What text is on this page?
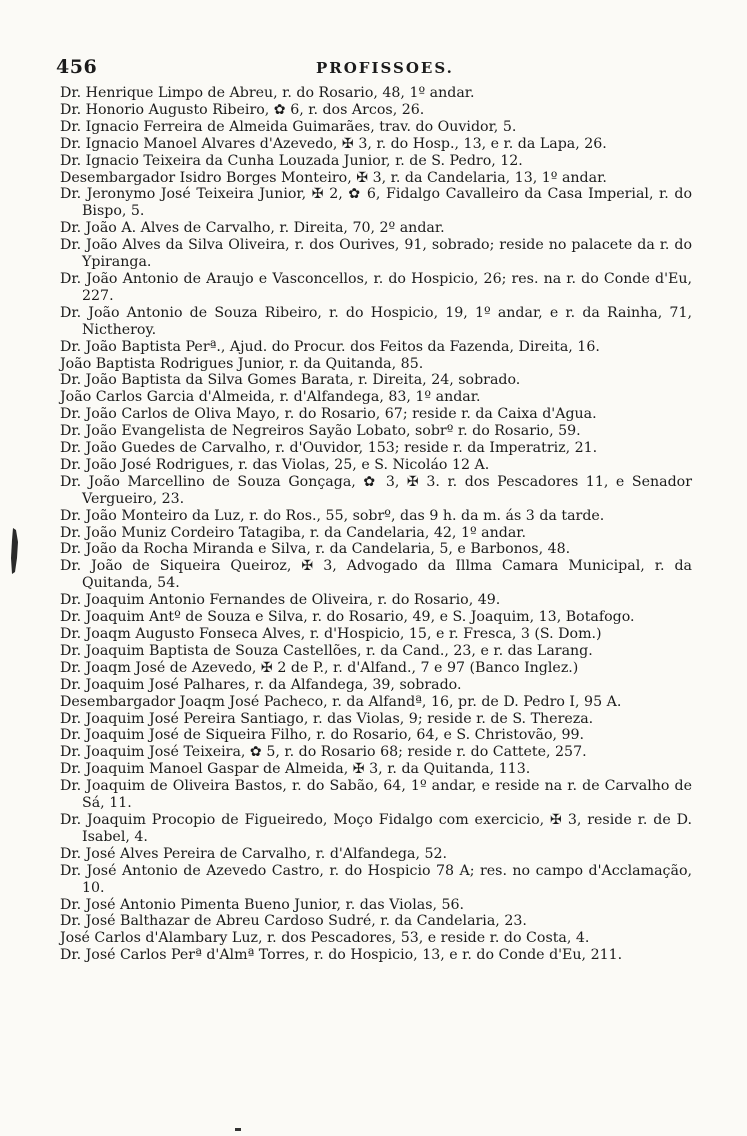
456	PROFISSOES.

Dr. Henrique Limpo de Abreu, r. do Rosario, 48, 1º andar.

Dr. Honorio Augusto Ribeiro, ✿ 6, r. dos Arcos, 26.

Dr. Ignacio Ferreira de Almeida Guimarães, trav. do Ouvidor, 5.

Dr. Ignacio Manoel Alvares d'Azevedo, ✠ 3, r. do Hosp., 13, e r. da Lapa, 26.

Dr. Ignacio Teixeira da Cunha Louzada Junior, r. de S. Pedro, 12.

Desembargador Isidro Borges Monteiro, ✠ 3, r. da Candelaria, 13, 1º andar.

Dr. Jeronymo José Teixeira Junior, ✠ 2, ✿ 6, Fidalgo Cavalleiro da Casa Imperial, r. do Bispo, 5.

Dr. João A. Alves de Carvalho, r. Direita, 70, 2º andar.

Dr. João Alves da Silva Oliveira, r. dos Ourives, 91, sobrado; reside no palacete da r. do Ypiranga.

Dr. João Antonio de Araujo e Vasconcellos, r. do Hospicio, 26; res. na r. do Conde d'Eu, 227.

Dr. João Antonio de Souza Ribeiro, r. do Hospicio, 19, 1º andar, e r. da Rainha, 71, Nictheroy.

Dr. João Baptista Perª., Ajud. do Procur. dos Feitos da Fazenda, Direita, 16.

João Baptista Rodrigues Junior, r. da Quitanda, 85.

Dr. João Baptista da Silva Gomes Barata, r. Direita, 24, sobrado.

João Carlos Garcia d'Almeida, r. d'Alfandega, 83, 1º andar.

Dr. João Carlos de Oliva Mayo, r. do Rosario, 67; reside r. da Caixa d'Agua.

Dr. João Evangelista de Negreiros Sayão Lobato, sobrº r. do Rosario, 59.

Dr. João Guedes de Carvalho, r. d'Ouvidor, 153; reside r. da Imperatriz, 21.

Dr. João José Rodrigues, r. das Violas, 25, e S. Nicoláo 12 A.

Dr. João Marcellino de Souza Gonçaga, ✿ 3, ✠ 3. r. dos Pescadores 11, e Senador Vergueiro, 23.

Dr. João Monteiro da Luz, r. do Ros., 55, sobrº, das 9 h. da m. ás 3 da tarde.

Dr. João Muniz Cordeiro Tatagiba, r. da Candelaria, 42, 1º andar.

Dr. João da Rocha Miranda e Silva, r. da Candelaria, 5, e Barbonos, 48.

Dr. João de Siqueira Queiroz, ✠ 3, Advogado da Illma Camara Municipal, r. da Quitanda, 54.

Dr. Joaquim Antonio Fernandes de Oliveira, r. do Rosario, 49.

Dr. Joaquim Antº de Souza e Silva, r. do Rosario, 49, e S. Joaquim, 13, Botafogo.

Dr. Joaqm Augusto Fonseca Alves, r. d'Hospicio, 15, e r. Fresca, 3 (S. Dom.)

Dr. Joaquim Baptista de Souza Castellões, r. da Cand., 23, e r. das Larang.

Dr. Joaqm José de Azevedo, ✠ 2 de P., r. d'Alfand., 7 e 97 (Banco Inglez.)

Dr. Joaquim José Palhares, r. da Alfandega, 39, sobrado.

Desembargador Joaqm José Pacheco, r. da Alfandª, 16, pr. de D. Pedro I, 95 A.

Dr. Joaquim José Pereira Santiago, r. das Violas, 9; reside r. de S. Thereza.

Dr. Joaquim José de Siqueira Filho, r. do Rosario, 64, e S. Christovão, 99.

Dr. Joaquim José Teixeira, ✿ 5, r. do Rosario 68; reside r. do Cattete, 257.

Dr. Joaquim Manoel Gaspar de Almeida, ✠ 3, r. da Quitanda, 113.

Dr. Joaquim de Oliveira Bastos, r. do Sabão, 64, 1º andar, e reside na r. de Carvalho de Sá, 11.

Dr. Joaquim Procopio de Figueiredo, Moço Fidalgo com exercicio, ✠ 3, reside r. de D. Isabel, 4.

Dr. José Alves Pereira de Carvalho, r. d'Alfandega, 52.

Dr. José Antonio de Azevedo Castro, r. do Hospicio 78 A; res. no campo d'Acclamação, 10.

Dr. José Antonio Pimenta Bueno Junior, r. das Violas, 56.

Dr. José Balthazar de Abreu Cardoso Sudré, r. da Candelaria, 23.

José Carlos d'Alambary Luz, r. dos Pescadores, 53, e reside r. do Costa, 4.

Dr. José Carlos Perª d'Almª Torres, r. do Hospicio, 13, e r. do Conde d'Eu, 211.
